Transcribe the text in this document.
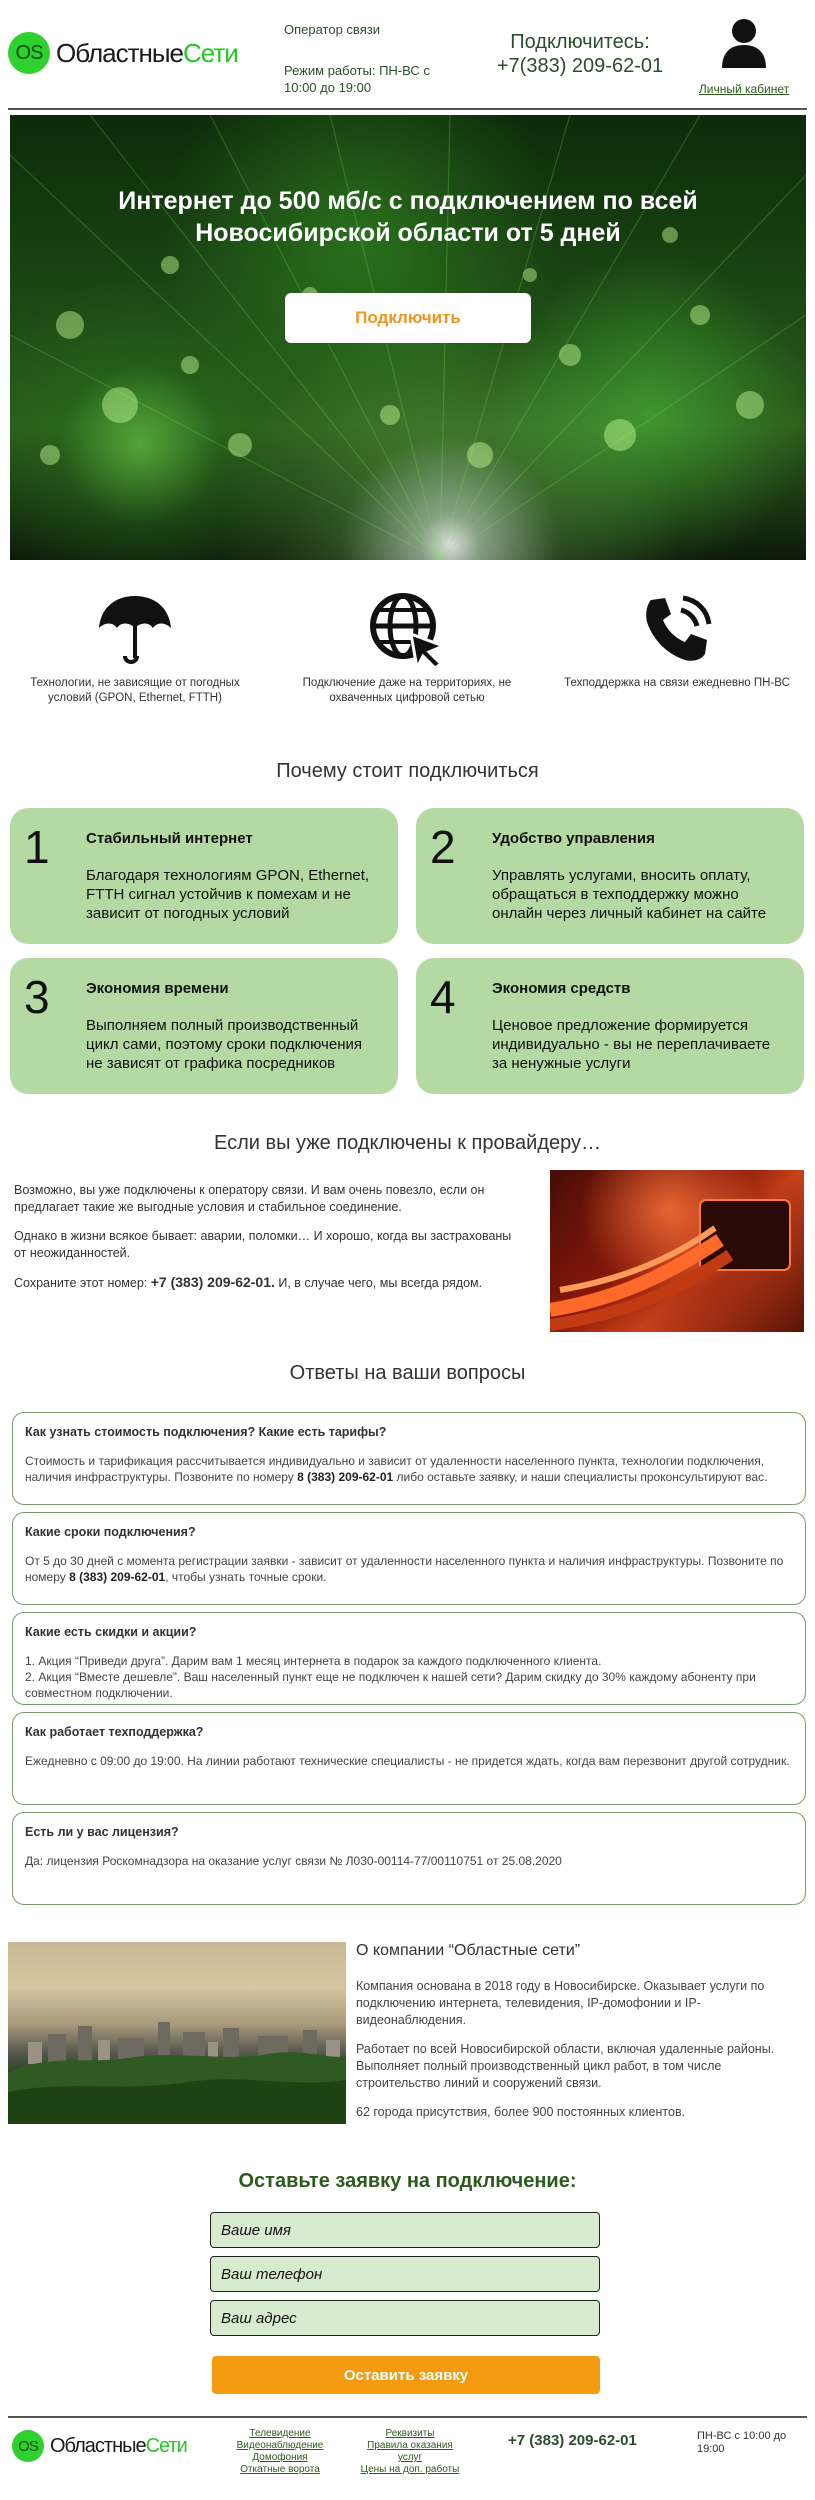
OS ОбластныеСети
Оператор связи
Режим работы: ПН-ВС с 10:00 до 19:00
Подключитесь:
+7(383) 209-62-01
Личный кабинет
Интернет до 500 мб/с с подключением по всей Новосибирской области от 5 дней
Подключить
Технологии, не зависящие от погодных условий (GPON, Ethernet, FTTH)
Подключение даже на территориях, не охваченных цифровой сетью
Техподдержка на связи ежедневно ПН-ВС
Почему стоит подключиться
1 Стабильный интернет
Благодаря технологиям GPON, Ethernet, FTTH сигнал устойчив к помехам и не зависит от погодных условий
2 Удобство управления
Управлять услугами, вносить оплату, обращаться в техподдержку можно онлайн через личный кабинет на сайте
3 Экономия времени
Выполняем полный производственный цикл сами, поэтому сроки подключения не зависят от графика посредников
4 Экономия средств
Ценовое предложение формируется индивидуально - вы не переплачиваете за ненужные услуги
Если вы уже подключены к провайдеру…

Возможно, вы уже подключены к оператору связи. И вам очень повезло, если он предлагает такие же выгодные условия и стабильное соединение.

Однако в жизни всякое бывает: аварии, поломки… И хорошо, когда вы застрахованы от неожиданностей.

Сохраните этот номер: +7 (383) 209-62-01. И, в случае чего, мы всегда рядом.

Ответы на ваши вопросы
Как узнать стоимость подключения? Какие есть тарифы?
Стоимость и тарификация рассчитывается индивидуально и зависит от удаленности населенного пункта, технологии подключения, наличия инфраструктуры. Позвоните по номеру 8 (383) 209-62-01 либо оставьте заявку, и наши специалисты проконсультируют вас.
Какие сроки подключения?
От 5 до 30 дней с момента регистрации заявки - зависит от удаленности населенного пункта и наличия инфраструктуры. Позвоните по номеру 8 (383) 209-62-01, чтобы узнать точные сроки.
Какие есть скидки и акции?
1. Акция “Приведи друга”. Дарим вам 1 месяц интернета в подарок за каждого подключенного клиента.
2. Акция “Вместе дешевле”. Ваш населенный пункт еще не подключен к нашей сети? Дарим скидку до 30% каждому абоненту при совместном подключении.
Как работает техподдержка?
Ежедневно с 09:00 до 19:00. На линии работают технические специалисты - не придется ждать, когда вам перезвонит другой сотрудник.
Есть ли у вас лицензия?
Да: лицензия Роскомнадзора на оказание услуг связи № Л030-00114-77/00110751 от 25.08.2020
О компании “Областные сети”

Компания основана в 2018 году в Новосибирске. Оказывает услуги по подключению интернета, телевидения, IP-домофонии и IP-видеонаблюдения.

Работает по всей Новосибирской области, включая удаленные районы. Выполняет полный производственный цикл работ, в том числе строительство линий и сооружений связи.

62 города присутствия, более 900 постоянных клиентов.

Оставьте заявку на подключение:
Ваше имя
Ваш телефон
Ваш адрес
Оставить заявку
OS ОбластныеСети
Телевидение
Видеонаблюдение
Домофония
Откатные ворота
Реквизиты
Правила оказания услуг
Цены на доп. работы
+7 (383) 209-62-01	ПН-ВС с 10:00 до 19:00
